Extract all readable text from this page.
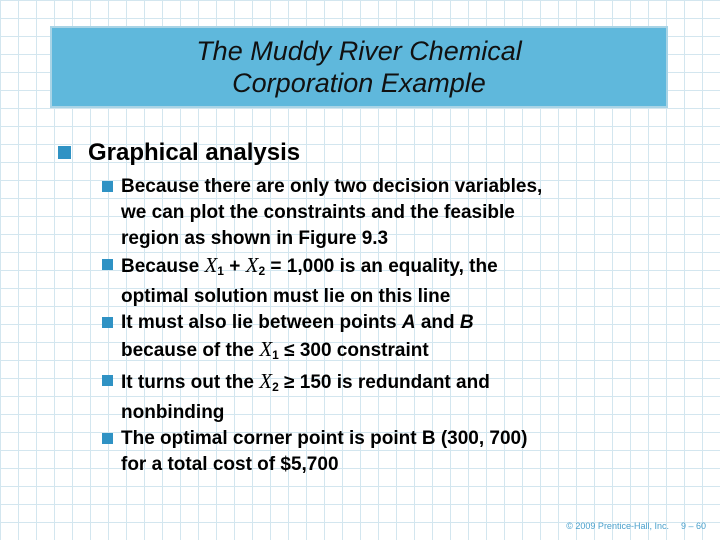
The Muddy River Chemical
Corporation Example
Graphical analysis
Because there are only two decision variables,
we can plot the constraints and the feasible
region as shown in Figure 9.3
Because $X_1 + X_2 = 1,000$ is an equality, the
optimal solution must lie on this line
It must also lie between points A and B
because of the $X_1 \le 300$ constraint
It turns out the $X_2 \ge 150$ is redundant and
nonbinding
The optimal corner point is point B (300, 700)
for a total cost of $5,700
© 2009 Prentice-Hall, Inc. 9 – 60
